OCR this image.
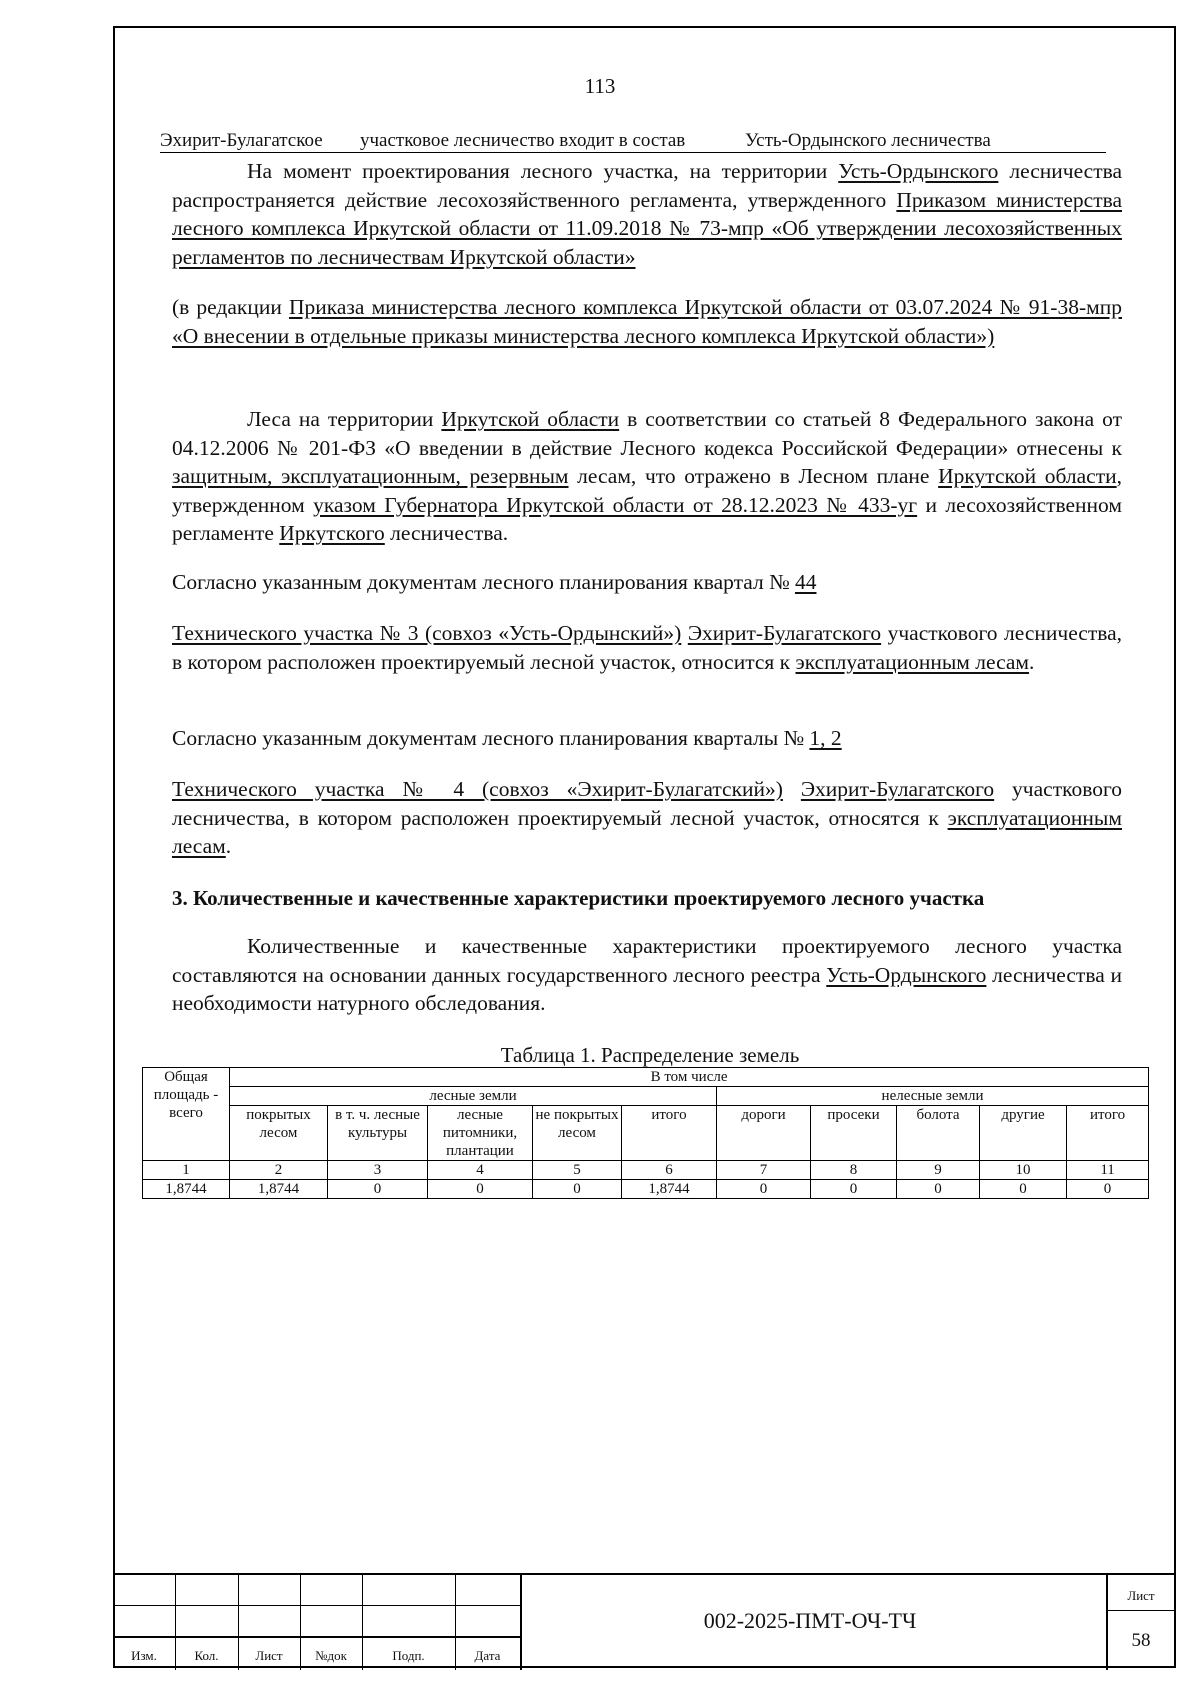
113
Эхирит-Булагатское участковое лесничество входит в состав	Усть-Ордынского лесничества

На момент проектирования лесного участка, на территории Усть-Ордынского лесничества распространяется действие лесохозяйственного регламента, утвержденного Приказом министерства лесного комплекса Иркутской области от 11.09.2018 № 73-мпр «Об утверждении лесохозяйственных регламентов по лесничествам Иркутской области»

(в редакции Приказа министерства лесного комплекса Иркутской области от 03.07.2024 № 91-38-мпр «О внесении в отдельные приказы министерства лесного комплекса Иркутской области»)

Леса на территории Иркутской области в соответствии со статьей 8 Федерального закона от 04.12.2006 № 201-ФЗ «О введении в действие Лесного кодекса Российской Федерации» отнесены к защитным, эксплуатационным, резервным лесам, что отражено в Лесном плане Иркутской области, утвержденном указом Губернатора Иркутской области от 28.12.2023 № 433-уг и лесохозяйственном регламенте Иркутского лесничества.

Согласно указанным документам лесного планирования квартал № 44

Технического участка № 3 (совхоз «Усть-Ордынский») Эхирит-Булагатского участкового лесничества, в котором расположен проектируемый лесной участок, относится к эксплуатационным лесам.

Согласно указанным документам лесного планирования кварталы № 1, 2

Технического участка № 4 (совхоз «Эхирит-Булагатский») Эхирит-Булагатского участкового лесничества, в котором расположен проектируемый лесной участок, относятся к эксплуатационным лесам.

3. Количественные и качественные характеристики проектируемого лесного участка

Количественные и качественные характеристики проектируемого лесного участка составляются на основании данных государственного лесного реестра Усть-Ордынского лесничества и необходимости натурного обследования.

Таблица 1. Распределение земель
Общая площадь - всего	В том числе									
	лесные земли					нелесные земли				
	покрытых лесом	в т. ч. лесные культуры	лесные питомники, плантации	не покрытых лесом	итого	дороги	просеки	болота	другие	итого
1	2	3	4	5	6	7	8	9	10	11
1,8744	1,8744	0	0	0	1,8744	0	0	0	0	0
Изм.	Кол.	Лист	№док	Подп.	Дата
002-2025-ПМТ-ОЧ-ТЧ
Лист
58
